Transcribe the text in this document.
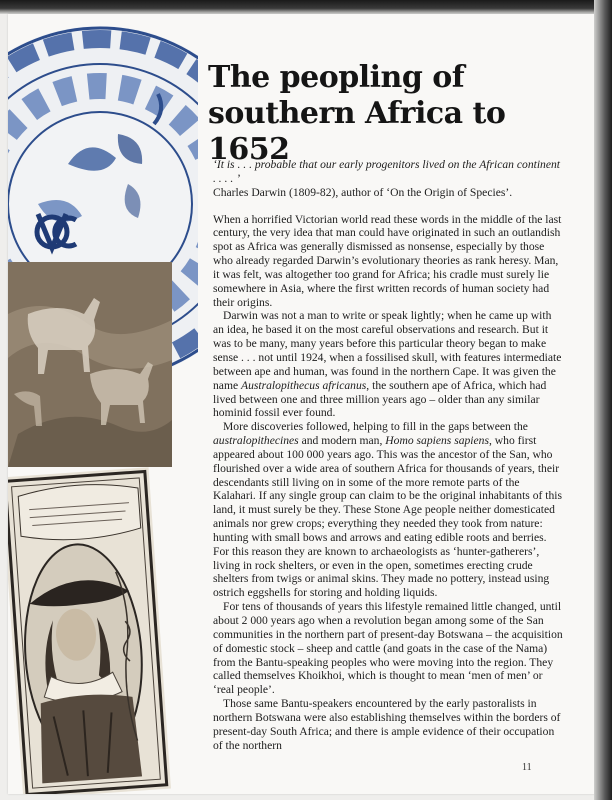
The peopling of southern Africa to 1652

‘It is . . . probable that our early progenitors lived on the African continent . . . . ’
Charles Darwin (1809-82), author of ‘On the Origin of Species’.

When a horrified Victorian world read these words in the middle of the last century, the very idea that man could have originated in such an outlandish spot as Africa was generally dismissed as nonsense, especially by those who already regarded Darwin’s evolutionary theories as rank heresy. Man, it was felt, was altogether too grand for Africa; his cradle must surely lie somewhere in Asia, where the first written records of human society had their origins.

Darwin was not a man to write or speak lightly; when he came up with an idea, he based it on the most careful observations and research. But it was to be many, many years before this particular theory began to make sense . . . not until 1924, when a fossilised skull, with features intermediate between ape and human, was found in the northern Cape. It was given the name Australopithecus africanus, the southern ape of Africa, which had lived between one and three million years ago – older than any similar hominid fossil ever found.

More discoveries followed, helping to fill in the gaps between the australopithecines and modern man, Homo sapiens sapiens, who first appeared about 100 000 years ago. This was the ancestor of the San, who flourished over a wide area of southern Africa for thousands of years, their descendants still living on in some of the more remote parts of the Kalahari. If any single group can claim to be the original inhabitants of this land, it must surely be they. These Stone Age people neither domesticated animals nor grew crops; everything they needed they took from nature: hunting with small bows and arrows and eating edible roots and berries. For this reason they are known to archaeologists as ‘hunter-gatherers’, living in rock shelters, or even in the open, sometimes erecting crude shelters from twigs or animal skins. They made no pottery, instead using ostrich eggshells for storing and holding liquids.

For tens of thousands of years this lifestyle remained little changed, until about 2 000 years ago when a revolution began among some of the San communities in the northern part of present-day Botswana – the acquisition of domestic stock – sheep and cattle (and goats in the case of the Nama) from the Bantu-speaking peoples who were moving into the region. They called themselves Khoikhoi, which is thought to mean ‘men of men’ or ‘real people’.

Those same Bantu-speakers encountered by the early pastoralists in northern Botswana were also establishing themselves within the borders of present-day South Africa; and there is ample evidence of their occupation of the northern

11
